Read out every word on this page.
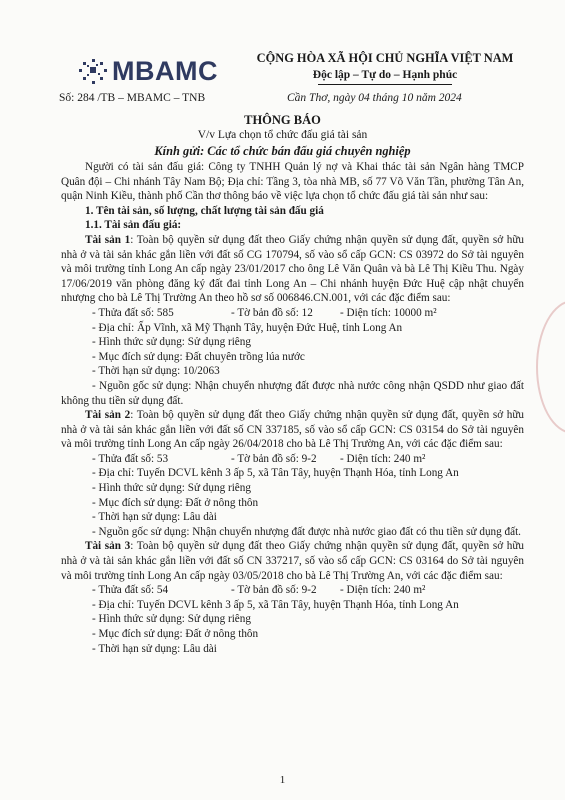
MBAMC	CỘNG HÒA XÃ HỘI CHỦ NGHĨA VIỆT NAM
Độc lập – Tự do – Hạnh phúc
Số: 284 /TB – MBAMC – TNB	Cần Thơ, ngày 04 tháng 10 năm 2024
THÔNG BÁO
V/v Lựa chọn tổ chức đấu giá tài sản
Kính gửi: Các tổ chức bán đấu giá chuyên nghiệp

Người có tài sản đấu giá: Công ty TNHH Quản lý nợ và Khai thác tài sản Ngân hàng TMCP Quân đội – Chi nhánh Tây Nam Bộ; Địa chỉ: Tầng 3, tòa nhà MB, số 77 Võ Văn Tần, phường Tân An, quận Ninh Kiều, thành phố Cần thơ thông báo về việc lựa chọn tổ chức đấu giá tài sản như sau:

1. Tên tài sản, số lượng, chất lượng tài sản đấu giá

1.1. Tài sản đấu giá:

Tài sản 1: Toàn bộ quyền sử dụng đất theo Giấy chứng nhận quyền sử dụng đất, quyền sở hữu nhà ở và tài sản khác gắn liền với đất số CG 170794, số vào sổ cấp GCN: CS 03972 do Sở tài nguyên và môi trường tỉnh Long An cấp ngày 23/01/2017 cho ông Lê Văn Quân và bà Lê Thị Kiều Thu. Ngày 17/06/2019 văn phòng đăng ký đất đai tỉnh Long An – Chi nhánh huyện Đức Huệ cập nhật chuyển nhượng cho bà Lê Thị Trường An theo hồ sơ số 006846.CN.001, với các đặc điểm sau:

- Thửa đất số: 585	- Tờ bản đồ số: 12	- Diện tích: 10000 m²

- Địa chỉ: Ấp Vĩnh, xã Mỹ Thạnh Tây, huyện Đức Huệ, tỉnh Long An

- Hình thức sử dụng: Sử dụng riêng

- Mục đích sử dụng: Đất chuyên trồng lúa nước

- Thời hạn sử dụng: 10/2063

- Nguồn gốc sử dụng: Nhận chuyển nhượng đất được nhà nước công nhận QSDD như giao đất không thu tiền sử dụng đất.

Tài sản 2: Toàn bộ quyền sử dụng đất theo Giấy chứng nhận quyền sử dụng đất, quyền sở hữu nhà ở và tài sản khác gắn liền với đất số CN 337185, số vào sổ cấp GCN: CS 03154 do Sở tài nguyên và môi trường tỉnh Long An cấp ngày 26/04/2018 cho bà Lê Thị Trường An, với các đặc điểm sau:

- Thửa đất số: 53	- Tờ bản đồ số: 9-2	- Diện tích: 240 m²

- Địa chỉ: Tuyến DCVL kênh 3 ấp 5, xã Tân Tây, huyện Thạnh Hóa, tỉnh Long An

- Hình thức sử dụng: Sử dụng riêng

- Mục đích sử dụng: Đất ở nông thôn

- Thời hạn sử dụng: Lâu dài

- Nguồn gốc sử dụng: Nhận chuyển nhượng đất được nhà nước giao đất có thu tiền sử dụng đất.

Tài sản 3: Toàn bộ quyền sử dụng đất theo Giấy chứng nhận quyền sử dụng đất, quyền sở hữu nhà ở và tài sản khác gắn liền với đất số CN 337217, số vào sổ cấp GCN: CS 03164 do Sở tài nguyên và môi trường tỉnh Long An cấp ngày 03/05/2018 cho bà Lê Thị Trường An, với các đặc điểm sau:

- Thửa đất số: 54	- Tờ bản đồ số: 9-2	- Diện tích: 240 m²

- Địa chỉ: Tuyến DCVL kênh 3 ấp 5, xã Tân Tây, huyện Thạnh Hóa, tỉnh Long An

- Hình thức sử dụng: Sử dụng riêng

- Mục đích sử dụng: Đất ở nông thôn

- Thời hạn sử dụng: Lâu dài

1
